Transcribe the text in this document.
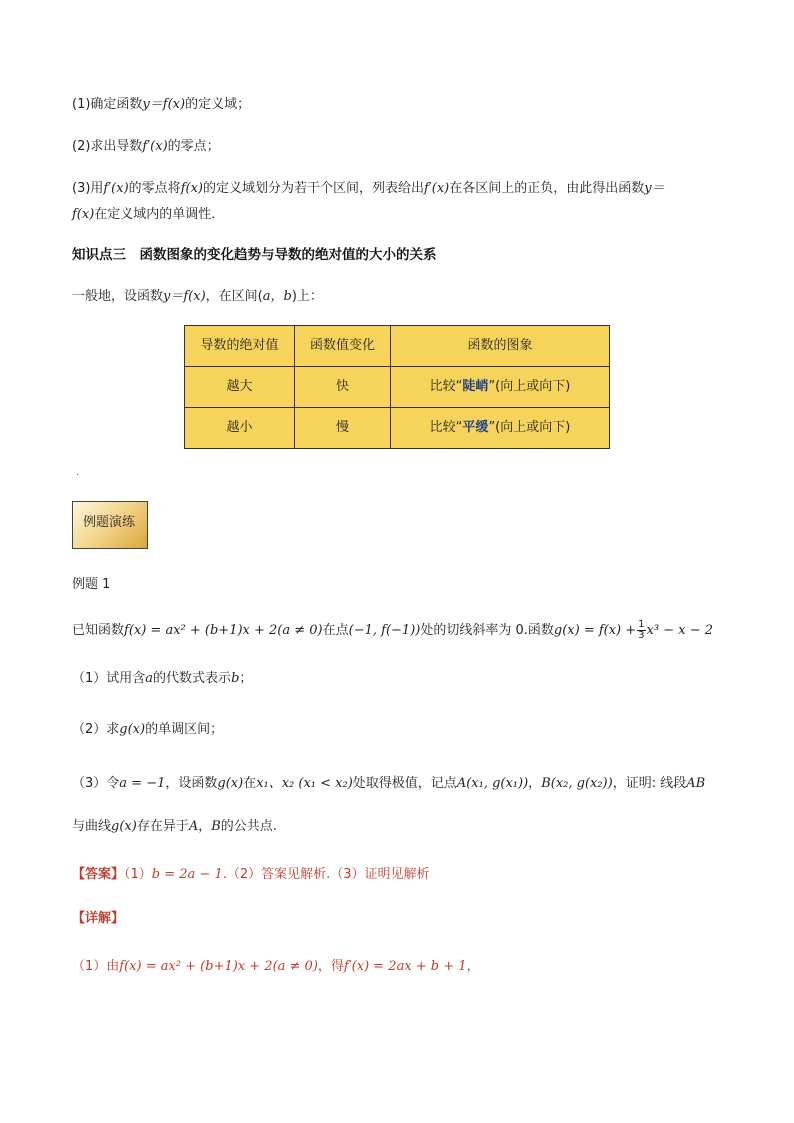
(1)确定函数y＝f(x)的定义域；
(2)求出导数f′(x)的零点；
(3)用f′(x)的零点将f(x)的定义域划分为若干个区间，列表给出f′(x)在各区间上的正负，由此得出函数y＝
f(x)在定义域内的单调性．
知识点三　函数图象的变化趋势与导数的绝对值的大小的关系
一般地，设函数y＝f(x)，在区间(a，b)上：
导数的绝对值	函数值变化	函数的图象
越大	快	比较“陡峭”(向上或向下)
越小	慢	比较“平缓”(向上或向下)
·
例题演练
例题 1
已知函数f(x) = ax² + (b+1)x + 2(a ≠ 0)在点(−1, f(−1))处的切线斜率为 0.函数$g(x) = f(x) + \frac{1}{3} x^3 - x - 2$
（1）试用含a的代数式表示b；
（2）求g(x)的单调区间；
（3）令a = −1，设函数g(x)在x₁、x₂ (x₁ < x₂)处取得极值，记点A(x₁, g(x₁))，B(x₂, g(x₂))，证明: 线段AB
与曲线g(x)存在异于A，B的公共点.
【答案】（1）b = 2a − 1.（2）答案见解析.（3）证明见解析
【详解】
（1）由f(x) = ax² + (b+1)x + 2(a ≠ 0)，得f′(x) = 2ax + b + 1，
